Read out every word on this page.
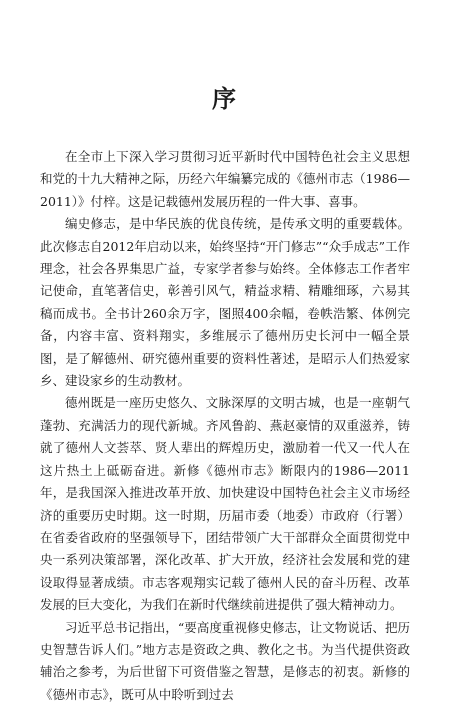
序

在全市上下深入学习贯彻习近平新时代中国特色社会主义思想和党的十九大精神之际，历经六年编纂完成的《德州市志（1986—2011）》付梓。这是记载德州发展历程的一件大事、喜事。

编史修志，是中华民族的优良传统，是传承文明的重要载体。此次修志自2012年启动以来，始终坚持“开门修志”“众手成志”工作理念，社会各界集思广益，专家学者参与始终。全体修志工作者牢记使命，直笔著信史，彰善引风气，精益求精、精雕细琢，六易其稿而成书。全书计260余万字，图照400余幅，卷帙浩繁、体例完备，内容丰富、资料翔实，多维展示了德州历史长河中一幅全景图，是了解德州、研究德州重要的资料性著述，是昭示人们热爱家乡、建设家乡的生动教材。

德州既是一座历史悠久、文脉深厚的文明古城，也是一座朝气蓬勃、充满活力的现代新城。齐风鲁韵、燕赵豪情的双重滋养，铸就了德州人文荟萃、贤人辈出的辉煌历史，激励着一代又一代人在这片热土上砥砺奋进。新修《德州市志》断限内的1986—2011年，是我国深入推进改革开放、加快建设中国特色社会主义市场经济的重要历史时期。这一时期，历届市委（地委）市政府（行署）在省委省政府的坚强领导下，团结带领广大干部群众全面贯彻党中央一系列决策部署，深化改革、扩大开放，经济社会发展和党的建设取得显著成绩。市志客观翔实记载了德州人民的奋斗历程、改革发展的巨大变化，为我们在新时代继续前进提供了强大精神动力。

习近平总书记指出，“要高度重视修史修志，让文物说话、把历史智慧告诉人们。”地方志是资政之典、教化之书。为当代提供资政辅治之参考，为后世留下可资借鉴之智慧，是修志的初衷。新修的《德州市志》，既可从中聆听到过去
